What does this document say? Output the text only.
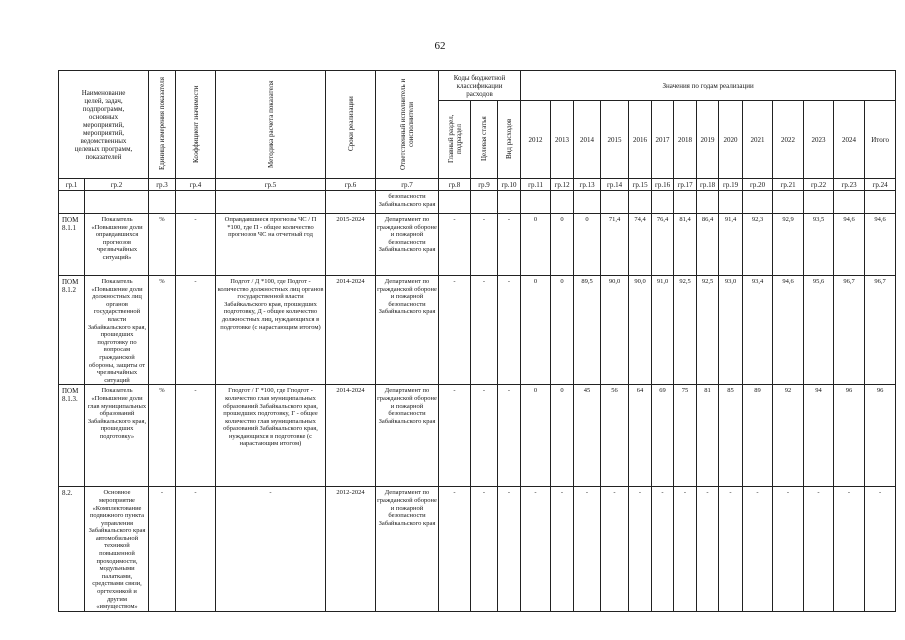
62
Наименование целей, задач, подпрограмм, основных мероприятий, мероприятий, ведомственных целевых программ, показателей		Единица измерения показателя	Коэффициент значимости	Методика расчета показателя	Сроки реализации	Ответственный исполнитель и соисполнители	Коды бюджетной классификации расходов			Значения по годам реализации													
							Главный раздел, подраздел	Целевая статья	Вид расходов	2012	2013	2014	2015	2016	2017	2018	2019	2020	2021	2022	2023	2024	Итого
гр.1	гр.2	гр.3	гр.4	гр.5	гр.6	гр.7	гр.8	гр.9	гр.10	гр.11	гр.12	гр.13	гр.14	гр.15	гр.16	гр.17	гр.18	гр.19	гр.20	гр.21	гр.22	гр.23	гр.24
						безопасности Забайкальского края																	
ПОМ 8.1.1	Показатель «Повышение доли оправдавшихся прогнозов чрезвычайных ситуаций»	%	-	Оправдавшиеся прогнозы ЧС / П *100, где П - общее количество прогнозов ЧС на отчетный год	2015-2024	Департамент по гражданской обороне и пожарной безопасности Забайкальского края	-	-	-	0	0	0	71,4	74,4	76,4	81,4	86,4	91,4	92,3	92,9	93,5	94,6	94,6
ПОМ 8.1.2	Показатель «Повышение доли должностных лиц органов государственной власти Забайкальского края, прошедших подготовку по вопросам гражданской обороны, защиты от чрезвычайных ситуаций	%	-	Подгот / Д *100, где Подгот - количество должностных лиц органов государственной власти Забайкальского края, прошедших подготовку, Д - общее количество должностных лиц, нуждающихся в подготовке (с нарастающим итогом)	2014-2024	Департамент по гражданской обороне и пожарной безопасности Забайкальского края	-	-	-	0	0	89,5	90,0	90,0	91,0	92,5	92,5	93,0	93,4	94,6	95,6	96,7	96,7
ПОМ 8.1.3.	Показатель «Повышение доли глав муниципальных образований Забайкальского края, прошедших подготовку»	%	-	Гподгот / Г *100, где Гподгот - количество глав муниципальных образований Забайкальского края, прошедших подготовку, Г - общее количество глав муниципальных образований Забайкальского края, нуждающихся в подготовке (с нарастающим итогом)	2014-2024	Департамент по гражданской обороне и пожарной безопасности Забайкальского края	-	-	-	0	0	45	56	64	69	75	81	85	89	92	94	96	96
8.2.	Основное мероприятие «Комплектование подвижного пункта управления Забайкальского края автомобильной техникой повышенной проходимости, модульными палатками, средствами связи, оргтехникой и другим «имуществом»	-	-	-	2012-2024	Департамент по гражданской обороне и пожарной безопасности Забайкальского края	-	-	-	-	-	-	-	-	-	-	-	-	-	-	-	-	-
